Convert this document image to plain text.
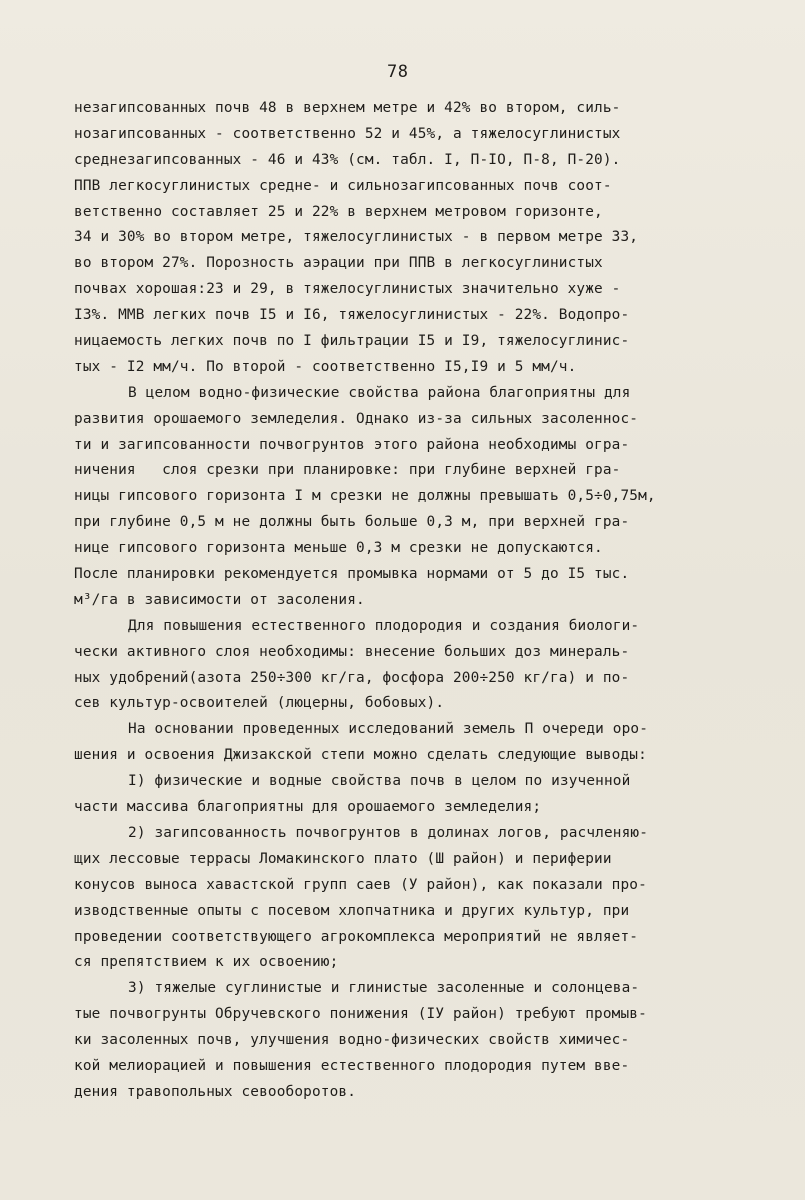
78
незагипсованных почв 48 в верхнем метре и 42% во втором, силь-
нозагипсованных - соответственно 52 и 45%, а тяжелосуглинистых
среднезагипсованных - 46 и 43% (см. табл. I, П-IO, П-8, П-20).
ППВ легкосуглинистых средне- и сильнозагипсованных почв соот-
ветственно составляет 25 и 22% в верхнем метровом горизонте,
34 и 30% во втором метре, тяжелосуглинистых - в первом метре 33,
во втором 27%. Порозность аэрации при ППВ в легкосуглинистых
почвах хорошая:23 и 29, в тяжелосуглинистых значительно хуже -
I3%. ММВ легких почв I5 и I6, тяжелосуглинистых - 22%. Водопро-
ницаемость легких почв по I фильтрации I5 и I9, тяжелосуглинис-
тых - I2 мм/ч. По второй - соответственно I5,I9 и 5 мм/ч.
В целом водно-физические свойства района благоприятны для
развития орошаемого земледелия. Однако из-за сильных засоленнос-
ти и загипсованности почвогрунтов этого района необходимы огра-
ничения   слоя срезки при планировке: при глубине верхней гра-
ницы гипсового горизонта I м срезки не должны превышать 0,5÷0,75м,
при глубине 0,5 м не должны быть больше 0,3 м, при верхней гра-
нице гипсового горизонта меньше 0,3 м срезки не допускаются.
После планировки рекомендуется промывка нормами от 5 до I5 тыс.
м³/га в зависимости от засоления.
Для повышения естественного плодородия и создания биологи-
чески активного слоя необходимы: внесение больших доз минераль-
ных удобрений(азота 250÷300 кг/га, фосфора 200÷250 кг/га) и по-
сев культур-освоителей (люцерны, бобовых).
На основании проведенных исследований земель П очереди оро-
шения и освоения Джизакской степи можно сделать следующие выводы:
I) физические и водные свойства почв в целом по изученной
части массива благоприятны для орошаемого земледелия;
2) загипсованность почвогрунтов в долинах логов, расчленяю-
щих лессовые террасы Ломакинского плато (Ш район) и периферии
конусов выноса хавастской групп саев (У район), как показали про-
изводственные опыты с посевом хлопчатника и других культур, при
проведении соответствующего агрокомплекса мероприятий не являет-
ся препятствием к их освоению;
3) тяжелые суглинистые и глинистые засоленные и солонцева-
тые почвогрунты Обручевского понижения (IУ район) требуют промыв-
ки засоленных почв, улучшения водно-физических свойств химичес-
кой мелиорацией и повышения естественного плодородия путем вве-
дения травопольных севооборотов.
